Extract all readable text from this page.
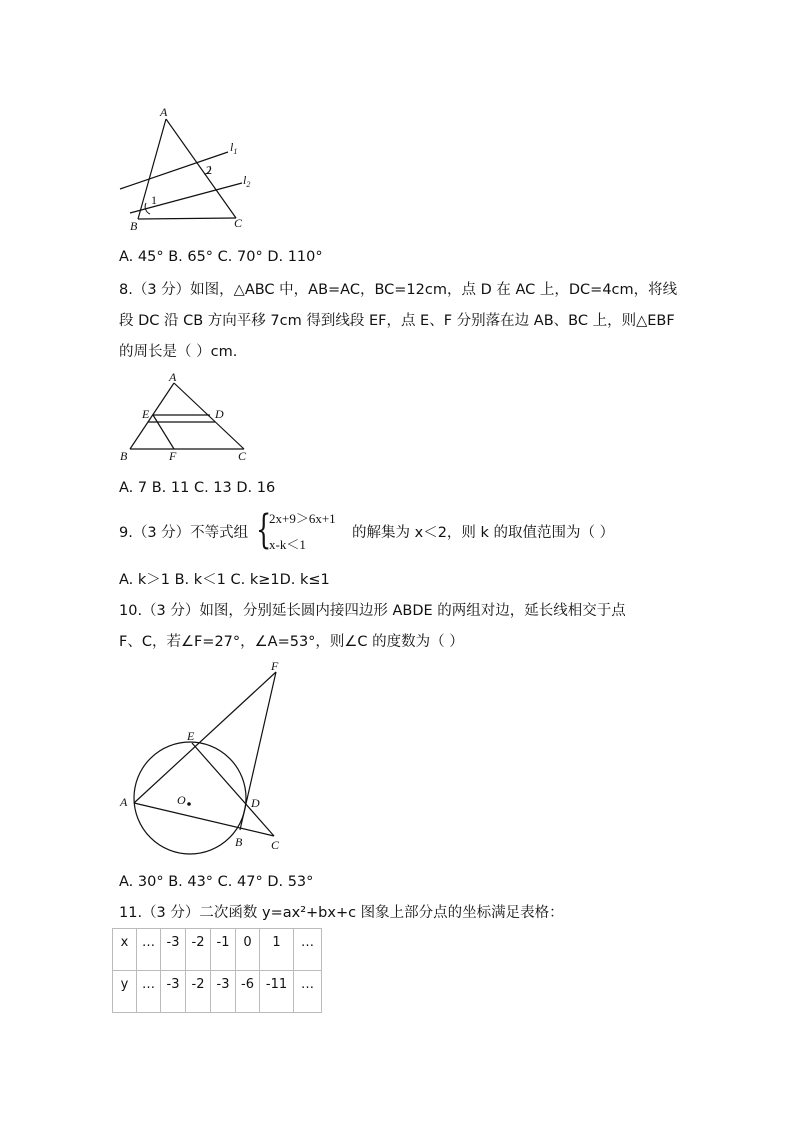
A
B	C
$l_1$
$l_2$
1
2
A. 45° B. 65° C. 70° D. 110°
8.（3 分）如图，△ABC 中，AB=AC，BC=12cm，点 D 在 AC 上，DC=4cm，将线
段 DC 沿 CB 方向平移 7cm 得到线段 EF，点 E、F 分别落在边 AB、BC 上，则△EBF
的周长是（ ）cm.
A
E	D
B	F	C
A. 7 B. 11 C. 13 D. 16
9.（3 分）不等式组 {
2x+9＞6x+1
x-k＜1
的解集为 x＜2，则 k 的取值范围为（ ）
A. k＞1 B. k＜1 C. k≥1D. k≤1
10.（3 分）如图，分别延长圆内接四边形 ABDE 的两组对边，延长线相交于点
F、C，若∠F=27°，∠A=53°，则∠C 的度数为（ ）
F
E
A	O	D
B C
A. 30° B. 43° C. 47° D. 53°
11.（3 分）二次函数 y=ax²+bx+c 图象上部分点的坐标满足表格：
x	…	-3	-2	-1	0	1	…
y	…	-3	-2	-3	-6	-11	…
